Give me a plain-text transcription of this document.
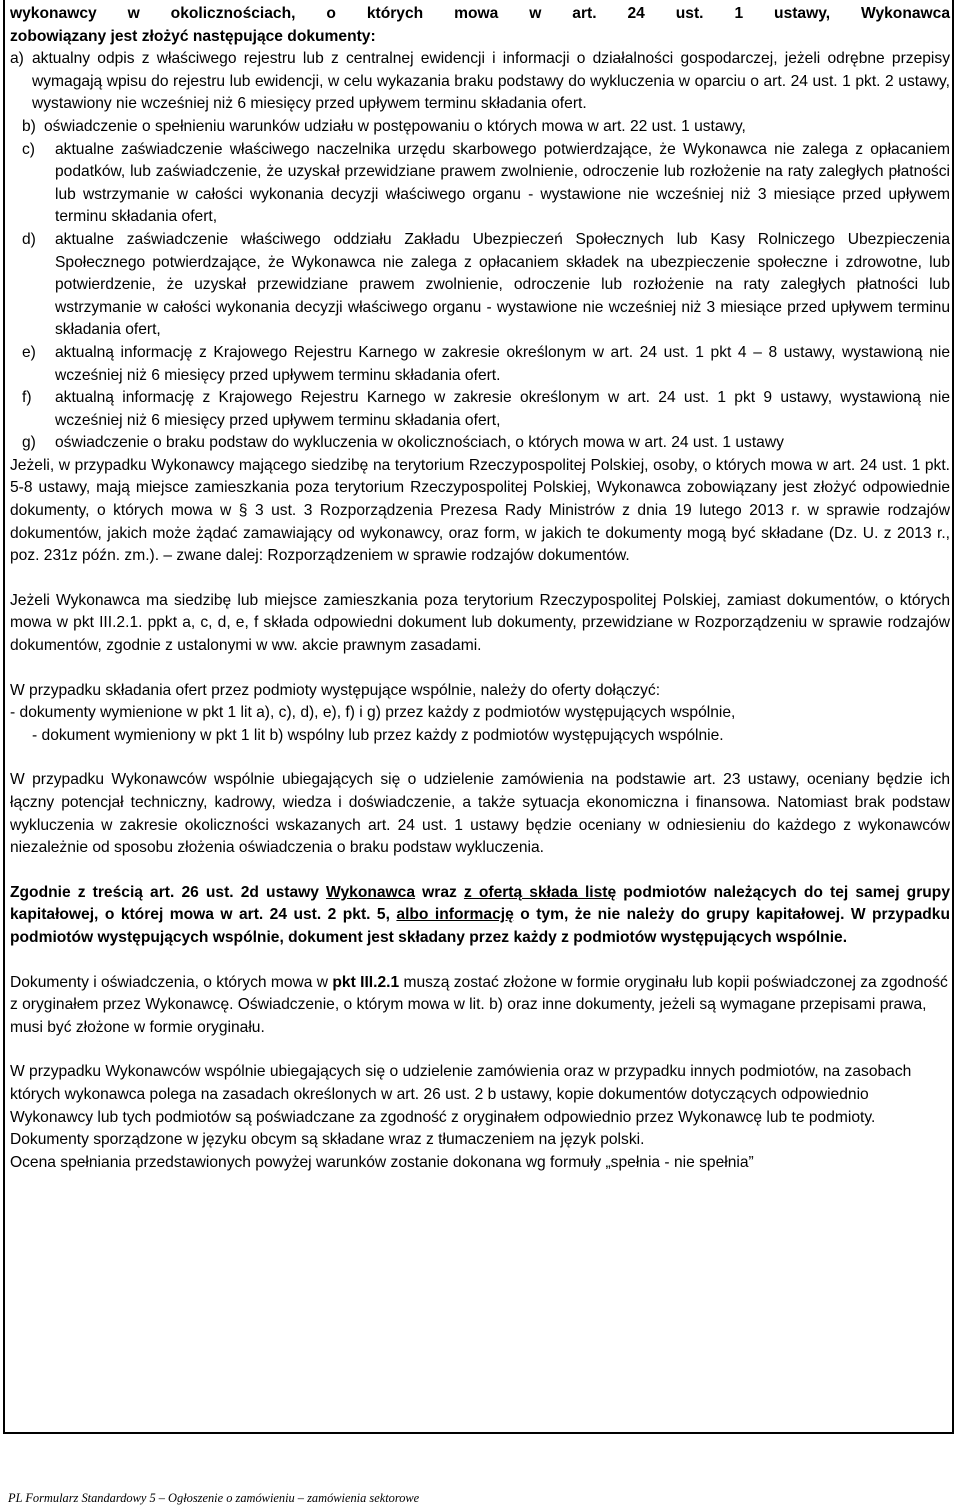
wykonawcy w okolicznościach, o których mowa w art. 24 ust. 1 ustawy, Wykonawca

zobowiązany jest złożyć następujące dokumenty:

a) aktualny odpis z właściwego rejestru lub z centralnej ewidencji i informacji o działalności gospodarczej, jeżeli odrębne przepisy wymagają wpisu do rejestru lub ewidencji, w celu wykazania braku podstawy do wykluczenia w oparciu o art. 24 ust. 1 pkt. 2 ustawy, wystawiony nie wcześniej niż 6 miesięcy przed upływem terminu składania ofert.
b) oświadczenie o spełnieniu warunków udziału w postępowaniu o których mowa w art. 22 ust. 1 ustawy,
c)	aktualne zaświadczenie właściwego naczelnika urzędu skarbowego potwierdzające, że Wykonawca nie zalega z opłacaniem podatków, lub zaświadczenie, że uzyskał przewidziane prawem zwolnienie, odroczenie lub rozłożenie na raty zaległych płatności lub wstrzymanie w całości wykonania decyzji właściwego organu - wystawione nie wcześniej niż 3 miesiące przed upływem terminu składania ofert,
d)	aktualne zaświadczenie właściwego oddziału Zakładu Ubezpieczeń Społecznych lub Kasy Rolniczego Ubezpieczenia Społecznego potwierdzające, że Wykonawca nie zalega z opłacaniem składek na ubezpieczenie społeczne i zdrowotne, lub potwierdzenie, że uzyskał przewidziane prawem zwolnienie, odroczenie lub rozłożenie na raty zaległych płatności lub wstrzymanie w całości wykonania decyzji właściwego organu - wystawione nie wcześniej niż 3 miesiące przed upływem terminu składania ofert,
e)	aktualną informację z Krajowego Rejestru Karnego w zakresie określonym w art. 24 ust. 1 pkt 4 – 8 ustawy, wystawioną nie wcześniej niż 6 miesięcy przed upływem terminu składania ofert.
f)	aktualną informację z Krajowego Rejestru Karnego w zakresie określonym w art. 24 ust. 1 pkt 9 ustawy, wystawioną nie wcześniej niż 6 miesięcy przed upływem terminu składania ofert,
g)	oświadczenie o braku podstaw do wykluczenia w okolicznościach, o których mowa w art. 24 ust. 1 ustawy

Jeżeli, w przypadku Wykonawcy mającego siedzibę na terytorium Rzeczypospolitej Polskiej, osoby, o których mowa w art. 24 ust. 1 pkt. 5-8 ustawy, mają miejsce zamieszkania poza terytorium Rzeczypospolitej Polskiej, Wykonawca zobowiązany jest złożyć odpowiednie dokumenty, o których mowa w § 3 ust. 3 Rozporządzenia Prezesa Rady Ministrów z dnia 19 lutego 2013 r. w sprawie rodzajów dokumentów, jakich może żądać zamawiający od wykonawcy, oraz form, w jakich te dokumenty mogą być składane (Dz. U. z 2013 r., poz. 231z późn. zm.). – zwane dalej: Rozporządzeniem w sprawie rodzajów dokumentów.

Jeżeli Wykonawca ma siedzibę lub miejsce zamieszkania poza terytorium Rzeczypospolitej Polskiej, zamiast dokumentów, o których mowa w pkt III.2.1. ppkt a, c, d, e, f składa odpowiedni dokument lub dokumenty, przewidziane w Rozporządzeniu w sprawie rodzajów dokumentów, zgodnie z ustalonymi w ww. akcie prawnym zasadami.

W przypadku składania ofert przez podmioty występujące wspólnie, należy do oferty dołączyć:

- dokumenty wymienione w pkt 1 lit a), c), d), e), f) i g) przez każdy z podmiotów występujących wspólnie,

- dokument wymieniony w pkt 1 lit b) wspólny lub przez każdy z podmiotów występujących wspólnie.

W przypadku Wykonawców wspólnie ubiegających się o udzielenie zamówienia na podstawie art. 23 ustawy, oceniany będzie ich łączny potencjał techniczny, kadrowy, wiedza i doświadczenie, a także sytuacja ekonomiczna i finansowa. Natomiast brak podstaw wykluczenia w zakresie okoliczności wskazanych art. 24 ust. 1 ustawy będzie oceniany w odniesieniu do każdego z wykonawców niezależnie od sposobu złożenia oświadczenia o braku podstaw wykluczenia.

Zgodnie z treścią art. 26 ust. 2d ustawy Wykonawca wraz z ofertą składa listę podmiotów należących do tej samej grupy kapitałowej, o której mowa w art. 24 ust. 2 pkt. 5, albo informację o tym, że nie należy do grupy kapitałowej. W przypadku podmiotów występujących wspólnie, dokument jest składany przez każdy z podmiotów występujących wspólnie.

Dokumenty i oświadczenia, o których mowa w pkt III.2.1 muszą zostać złożone w formie oryginału lub kopii poświadczonej za zgodność z oryginałem przez Wykonawcę. Oświadczenie, o którym mowa w lit. b) oraz inne dokumenty, jeżeli są wymagane przepisami prawa, musi być złożone w formie oryginału.

W przypadku Wykonawców wspólnie ubiegających się o udzielenie zamówienia oraz w przypadku innych podmiotów, na zasobach których wykonawca polega na zasadach określonych w art. 26 ust. 2 b ustawy, kopie dokumentów dotyczących odpowiednio Wykonawcy lub tych podmiotów są poświadczane za zgodność z oryginałem odpowiednio przez Wykonawcę lub te podmioty.

Dokumenty sporządzone w języku obcym są składane wraz z tłumaczeniem na język polski.

Ocena spełniania przedstawionych powyżej warunków zostanie dokonana wg formuły „spełnia - nie spełnia”

PL Formularz Standardowy 5 – Ogłoszenie o zamówieniu – zamówienia sektorowe
